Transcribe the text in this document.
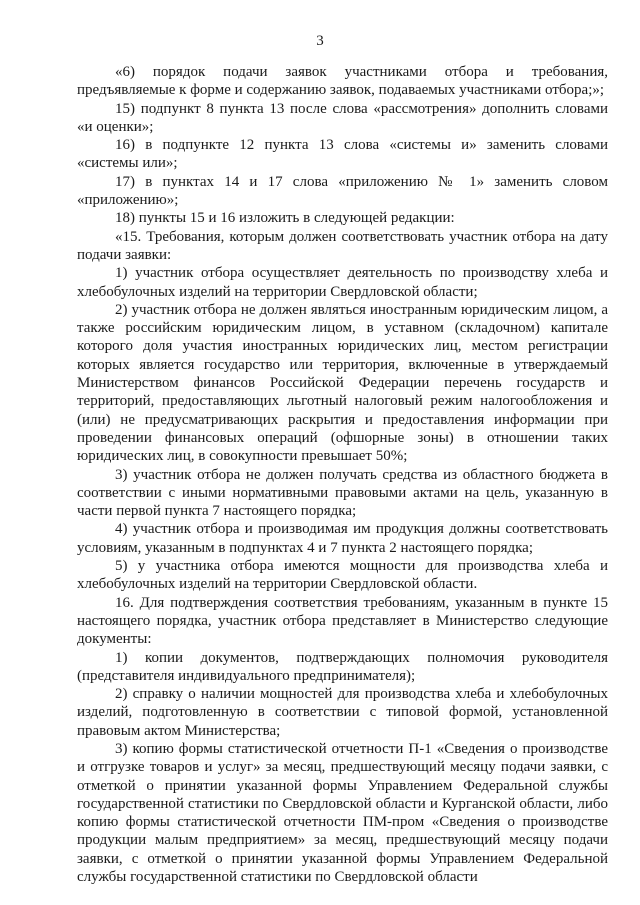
3

«6) порядок подачи заявок участниками отбора и требования, предъявляемые к форме и содержанию заявок, подаваемых участниками отбора;»;

15) подпункт 8 пункта 13 после слова «рассмотрения» дополнить словами «и оценки»;

16) в подпункте 12 пункта 13 слова «системы и» заменить словами «системы или»;

17) в пунктах 14 и 17 слова «приложению № 1» заменить словом «приложению»;

18) пункты 15 и 16 изложить в следующей редакции:

«15. Требования, которым должен соответствовать участник отбора на дату подачи заявки:

1) участник отбора осуществляет деятельность по производству хлеба и хлебобулочных изделий на территории Свердловской области;

2) участник отбора не должен являться иностранным юридическим лицом, а также российским юридическим лицом, в уставном (складочном) капитале которого доля участия иностранных юридических лиц, местом регистрации которых является государство или территория, включенные в утверждаемый Министерством финансов Российской Федерации перечень государств и территорий, предоставляющих льготный налоговый режим налогообложения и (или) не предусматривающих раскрытия и предоставления информации при проведении финансовых операций (офшорные зоны) в отношении таких юридических лиц, в совокупности превышает 50%;

3) участник отбора не должен получать средства из областного бюджета в соответствии с иными нормативными правовыми актами на цель, указанную в части первой пункта 7 настоящего порядка;

4) участник отбора и производимая им продукция должны соответствовать условиям, указанным в подпунктах 4 и 7 пункта 2 настоящего порядка;

5) у участника отбора имеются мощности для производства хлеба и хлебобулочных изделий на территории Свердловской области.

16. Для подтверждения соответствия требованиям, указанным в пункте 15 настоящего порядка, участник отбора представляет в Министерство следующие документы:

1) копии документов, подтверждающих полномочия руководителя (представителя индивидуального предпринимателя);

2) справку о наличии мощностей для производства хлеба и хлебобулочных изделий, подготовленную в соответствии с типовой формой, установленной правовым актом Министерства;

3) копию формы статистической отчетности П-1 «Сведения о производстве и отгрузке товаров и услуг» за месяц, предшествующий месяцу подачи заявки, с отметкой о принятии указанной формы Управлением Федеральной службы государственной статистики по Свердловской области и Курганской области, либо копию формы статистической отчетности ПМ-пром «Сведения о производстве продукции малым предприятием» за месяц, предшествующий месяцу подачи заявки, с отметкой о принятии указанной формы Управлением Федеральной службы государственной статистики по Свердловской области
